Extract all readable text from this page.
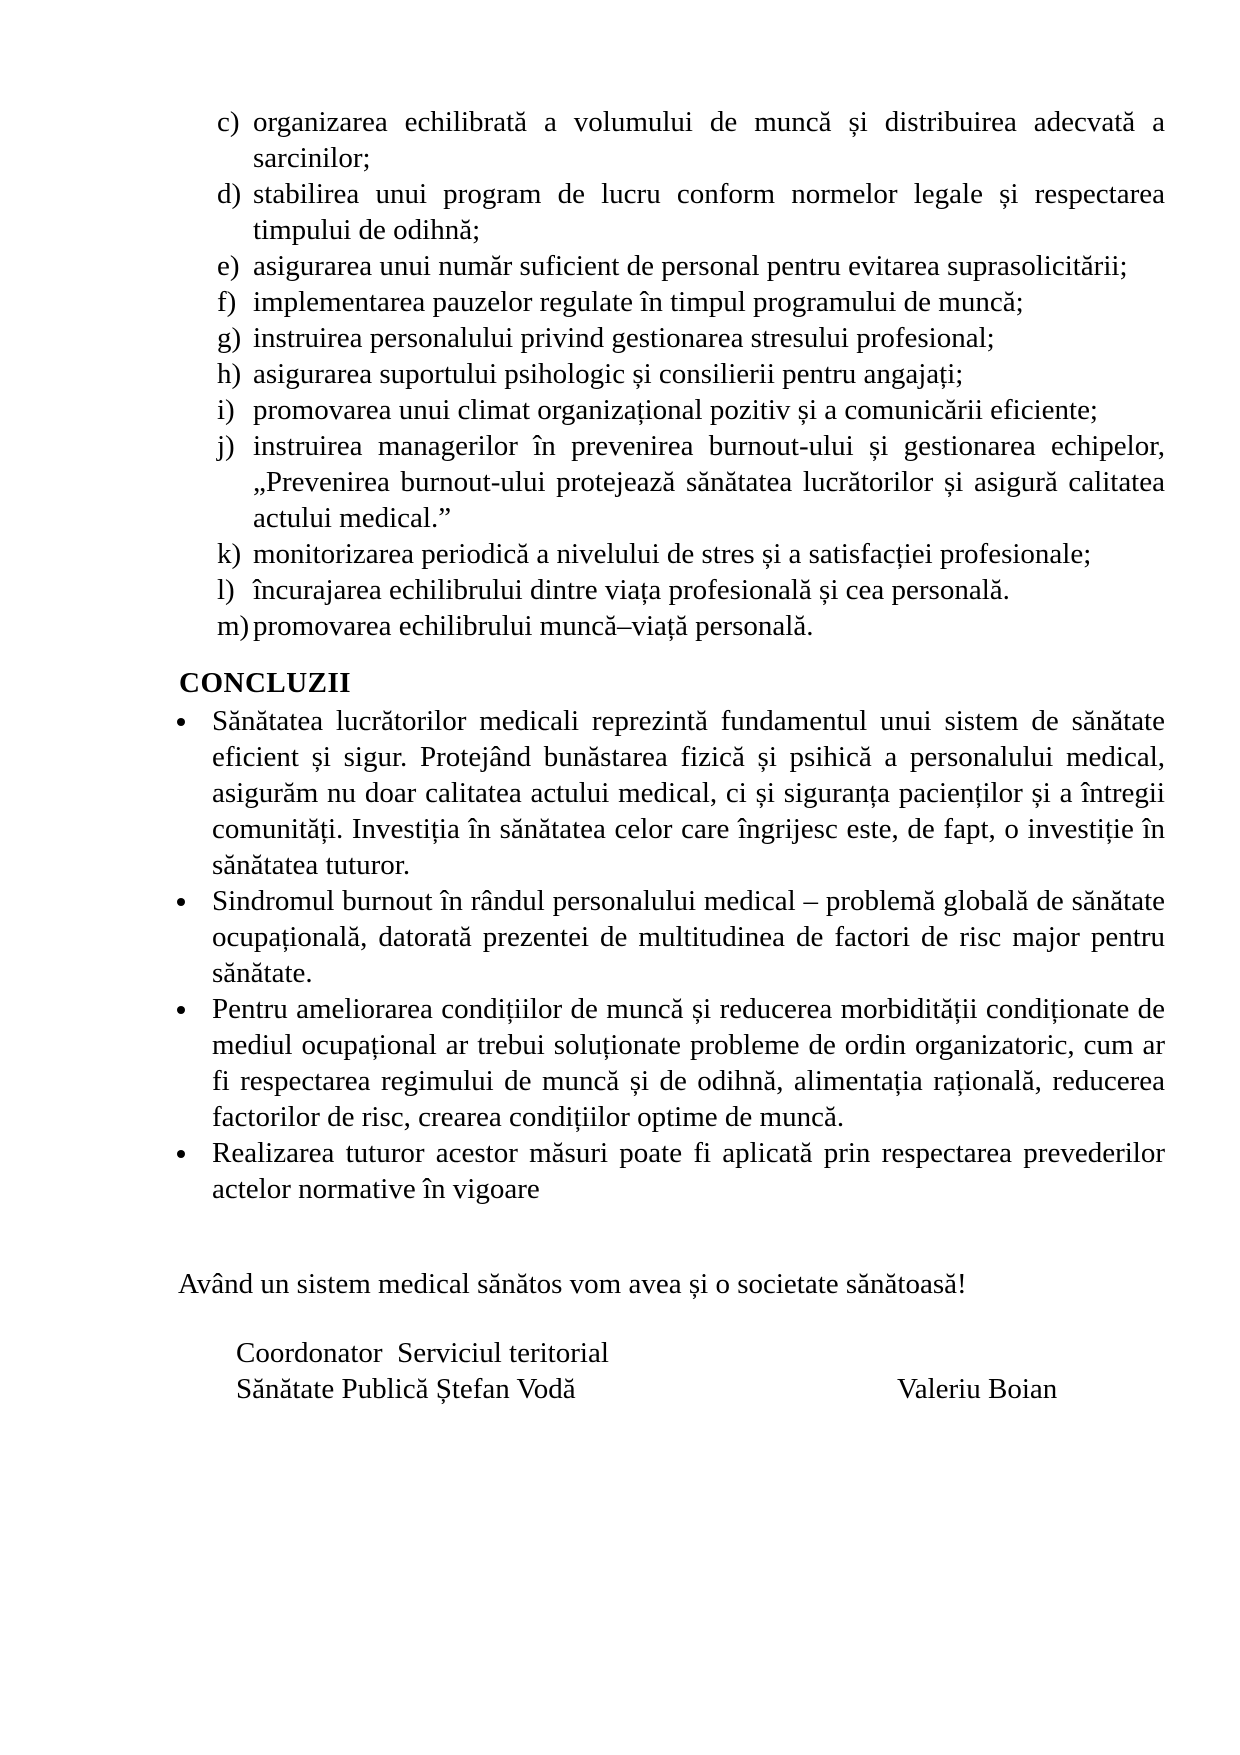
c) organizarea echilibrată a volumului de muncă și distribuirea adecvată a sarcinilor;
d) stabilirea unui program de lucru conform normelor legale și respectarea timpului de odihnă;
e) asigurarea unui număr suficient de personal pentru evitarea suprasolicitării;
f) implementarea pauzelor regulate în timpul programului de muncă;
g) instruirea personalului privind gestionarea stresului profesional;
h) asigurarea suportului psihologic și consilierii pentru angajați;
i) promovarea unui climat organizațional pozitiv și a comunicării eficiente;
j) instruirea managerilor în prevenirea burnout-ului și gestionarea echipelor, „Prevenirea burnout-ului protejează sănătatea lucrătorilor și asigură calitatea actului medical.”
k) monitorizarea periodică a nivelului de stres și a satisfacției profesionale;
l) încurajarea echilibrului dintre viața profesională și cea personală.
m) promovarea echilibrului muncă–viață personală.
CONCLUZII
Sănătatea lucrătorilor medicali reprezintă fundamentul unui sistem de sănătate eficient și sigur. Protejând bunăstarea fizică și psihică a personalului medical, asigurăm nu doar calitatea actului medical, ci și siguranța pacienților și a întregii comunități. Investiția în sănătatea celor care îngrijesc este, de fapt, o investiție în sănătatea tuturor.
Sindromul burnout în rândul personalului medical – problemă globală de sănătate ocupațională, datorată prezentei de multitudinea de factori de risc major pentru sănătate.
Pentru ameliorarea condițiilor de muncă și reducerea morbidității condiționate de mediul ocupațional ar trebui soluționate probleme de ordin organizatoric, cum ar fi respectarea regimului de muncă și de odihnă, alimentația rațională, reducerea factorilor de risc, crearea condițiilor optime de muncă.
Realizarea tuturor acestor măsuri poate fi aplicată prin respectarea prevederilor actelor normative în vigoare
Având un sistem medical sănătos vom avea și o societate sănătoasă!
Coordonator  Serviciul teritorial
Sănătate Publică Ștefan Vodă	Valeriu Boian
